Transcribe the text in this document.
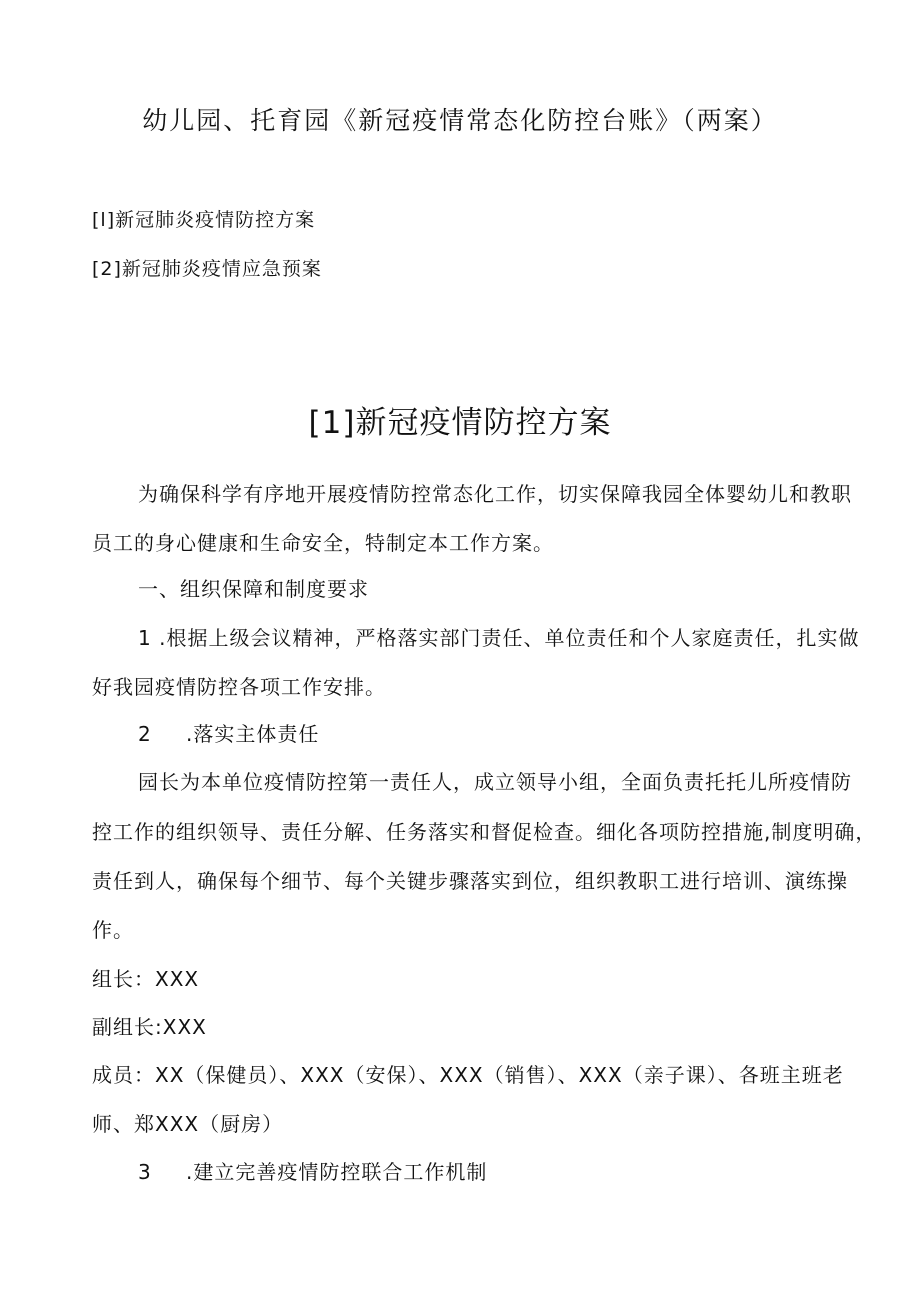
幼儿园、托育园《新冠疫情常态化防控台账》（两案）
[l]新冠肺炎疫情防控方案
[2]新冠肺炎疫情应急预案
[1]新冠疫情防控方案
为确保科学有序地开展疫情防控常态化工作，切实保障我园全体婴幼儿和教职
员工的身心健康和生命安全，特制定本工作方案。
一、组织保障和制度要求
1 .根据上级会议精神，严格落实部门责任、单位责任和个人家庭责任，扎实做
好我园疫情防控各项工作安排。
2 .落实主体责任
园长为本单位疫情防控第一责任人，成立领导小组，全面负责托托儿所疫情防
控工作的组织领导、责任分解、任务落实和督促检查。细化各项防控措施,制度明确，
责任到人，确保每个细节、每个关键步骤落实到位，组织教职工进行培训、演练操
作。
组长：XXX
副组长:XXX
成员：XX（保健员）、XXX（安保）、XXX（销售）、XXX（亲子课）、各班主班老
师、郑XXX（厨房）
3 .建立完善疫情防控联合工作机制
